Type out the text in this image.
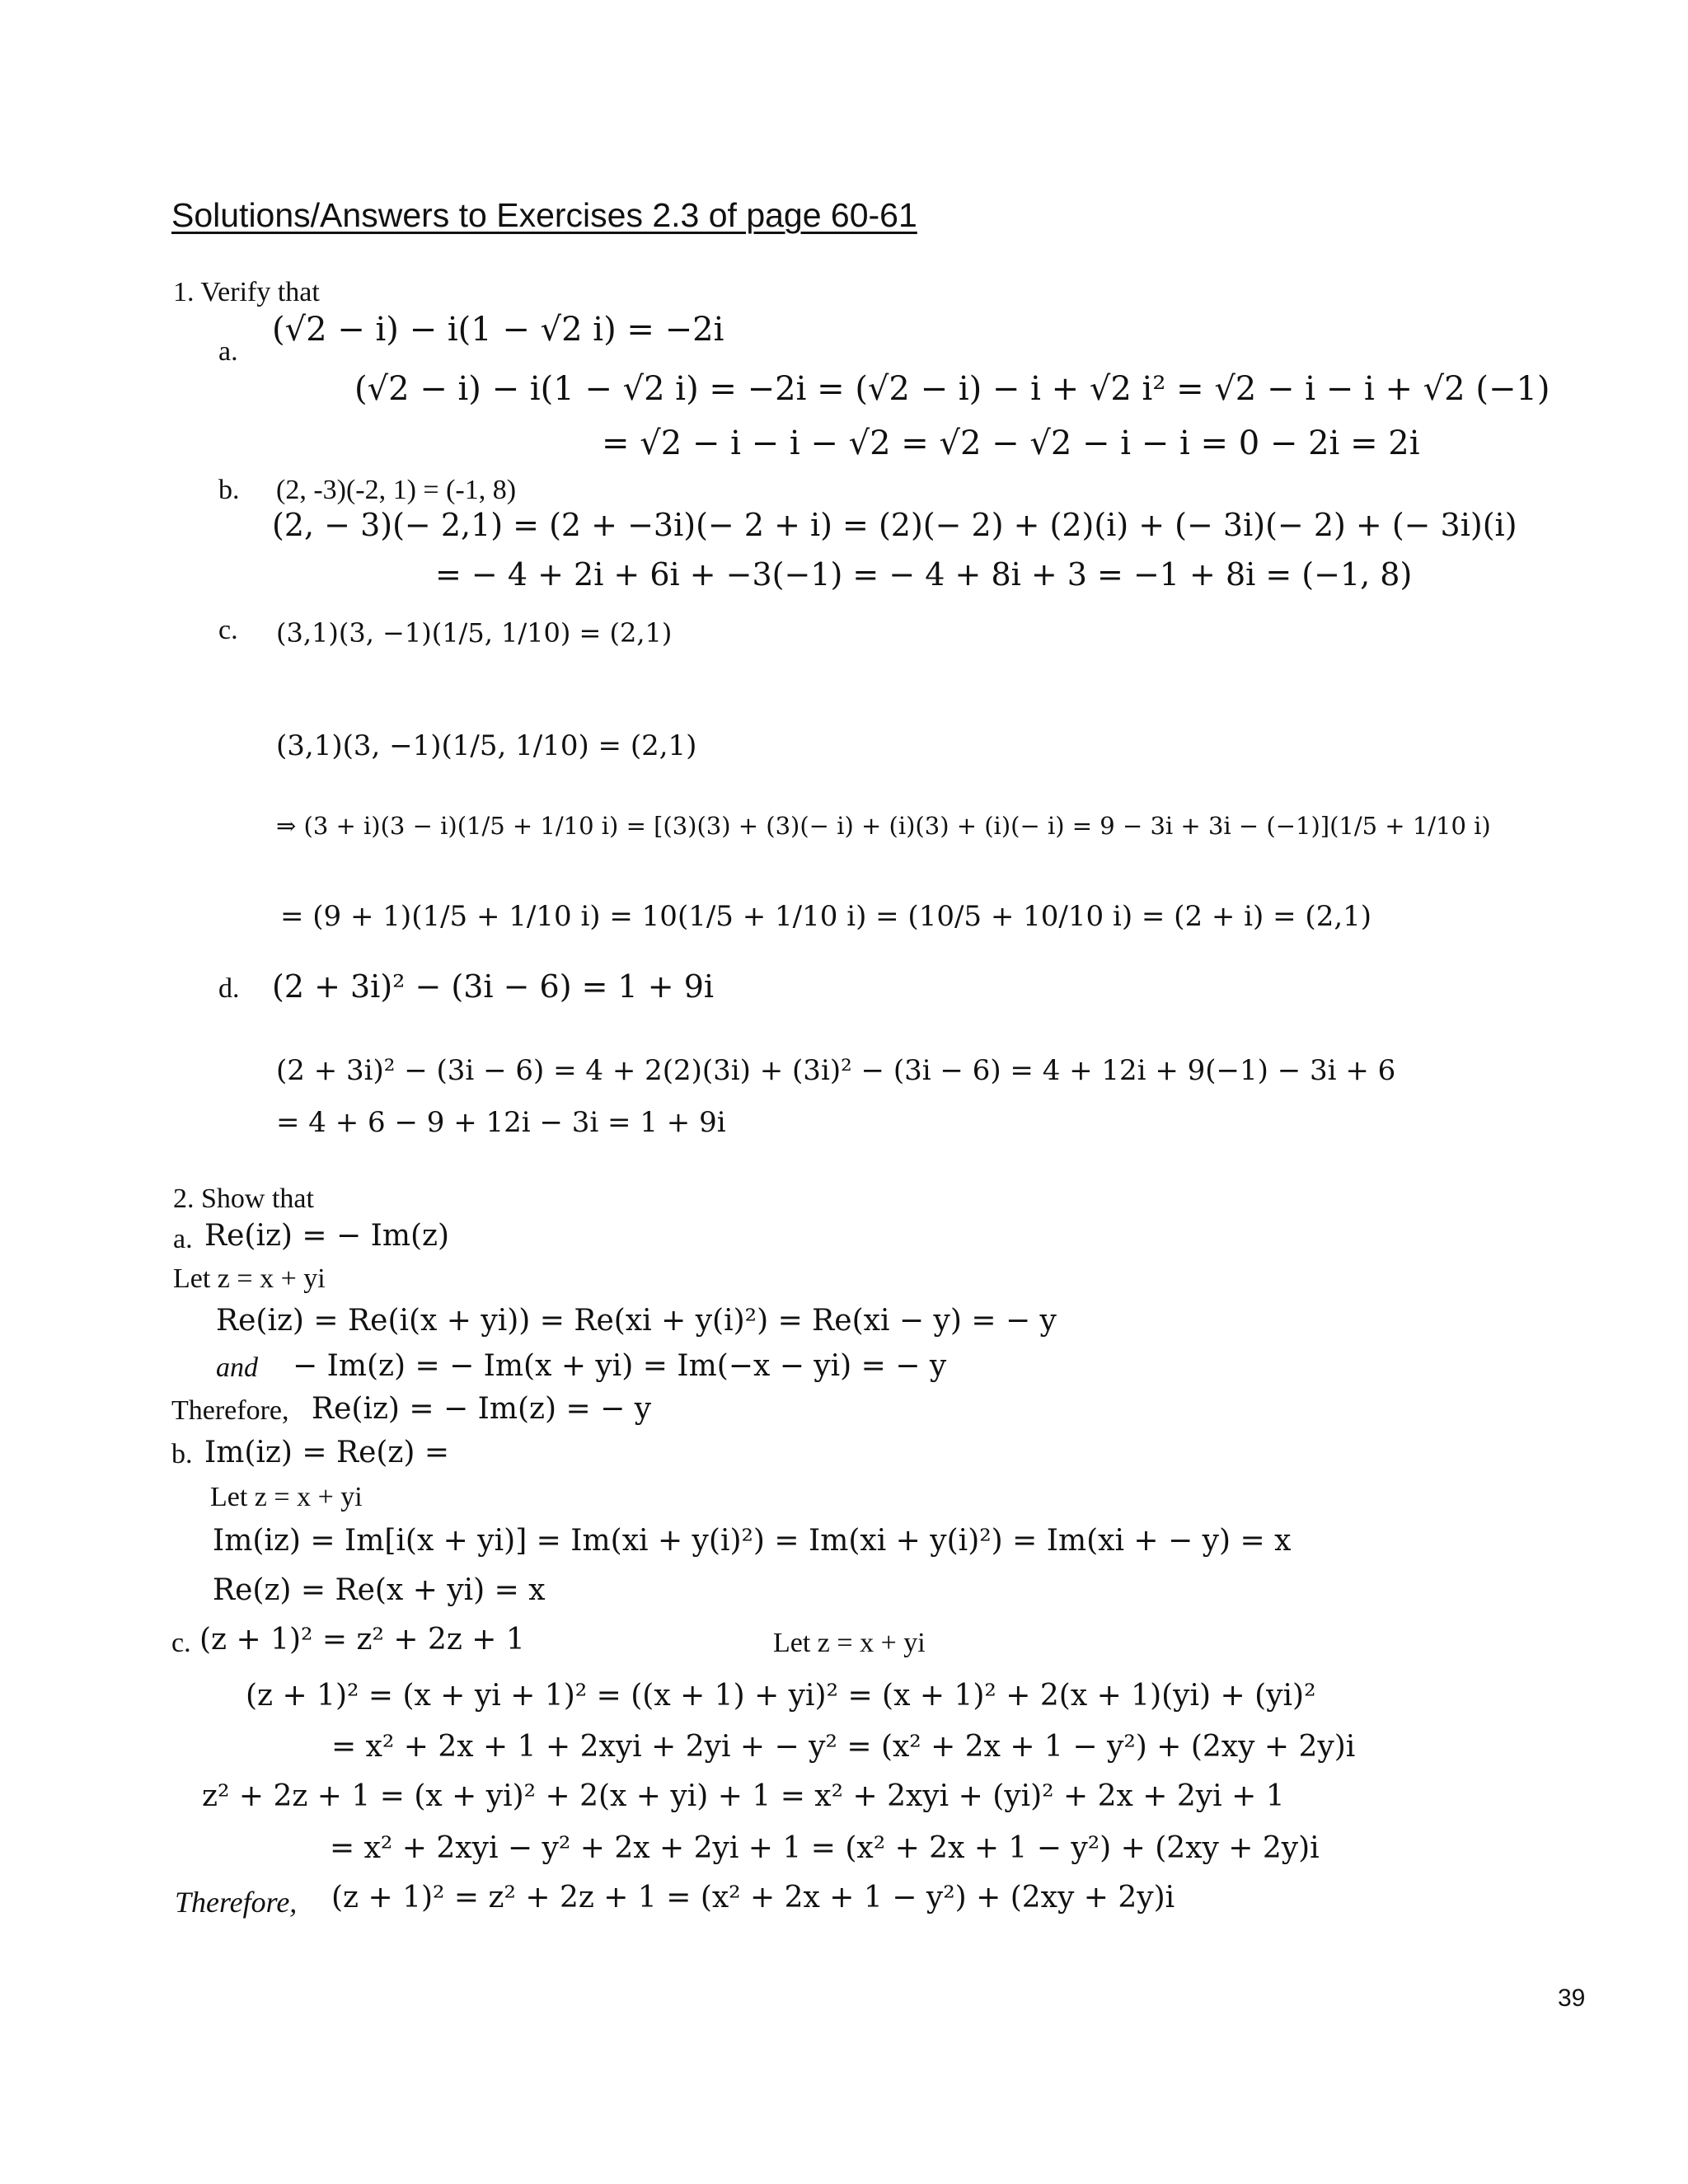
Solutions/Answers to Exercises 2.3 of page 60-61
1. Verify that
a.
(√2 − i) − i(1 − √2 i) = −2i
(√2 − i) − i(1 − √2 i) = −2i = (√2 − i) − i + √2 i² = √2 − i − i + √2 (−1)
= √2 − i − i − √2 = √2 − √2 − i − i = 0 − 2i = 2i
b. (2, -3)(-2, 1) = (-1, 8)
(2, − 3)(− 2,1) = (2 + −3i)(− 2 + i) = (2)(− 2) + (2)(i) + (− 3i)(− 2) + (− 3i)(i)
= − 4 + 2i + 6i + −3(−1) = − 4 + 8i + 3 = −1 + 8i = (−1, 8)
c. (3,1)(3, −1)(1/5, 1/10) = (2,1)
(3,1)(3, −1)(1/5, 1/10) = (2,1)
⇒ (3 + i)(3 − i)(1/5 + 1/10 i) = [(3)(3) + (3)(− i) + (i)(3) + (i)(− i) = 9 − 3i + 3i − (−1)](1/5 + 1/10 i)
= (9 + 1)(1/5 + 1/10 i) = 10(1/5 + 1/10 i) = (10/5 + 10/10 i) = (2 + i) = (2,1)
d. (2 + 3i)² − (3i − 6) = 1 + 9i
(2 + 3i)² − (3i − 6) = 4 + 2(2)(3i) + (3i)² − (3i − 6) = 4 + 12i + 9(−1) − 3i + 6
= 4 + 6 − 9 + 12i − 3i = 1 + 9i
2. Show that
a. Re(iz) = − Im(z)
Let z = x + yi
Re(iz) = Re(i(x + yi)) = Re(xi + y(i)²) = Re(xi − y) = − y
and − Im(z) = − Im(x + yi) = Im(−x − yi) = − y
Therefore, Re(iz) = − Im(z) = − y
b. Im(iz) = Re(z) =
Let z = x + yi
Im(iz) = Im[i(x + yi)] = Im(xi + y(i)²) = Im(xi + y(i)²) = Im(xi + − y) = x
Re(z) = Re(x + yi) = x
c. (z + 1)² = z² + 2z + 1	Let z = x + yi
(z + 1)² = (x + yi + 1)² = ((x + 1) + yi)² = (x + 1)² + 2(x + 1)(yi) + (yi)²
= x² + 2x + 1 + 2xyi + 2yi + − y² = (x² + 2x + 1 − y²) + (2xy + 2y)i
z² + 2z + 1 = (x + yi)² + 2(x + yi) + 1 = x² + 2xyi + (yi)² + 2x + 2yi + 1
= x² + 2xyi − y² + 2x + 2yi + 1 = (x² + 2x + 1 − y²) + (2xy + 2y)i
Therefore, (z + 1)² = z² + 2z + 1 = (x² + 2x + 1 − y²) + (2xy + 2y)i
39
